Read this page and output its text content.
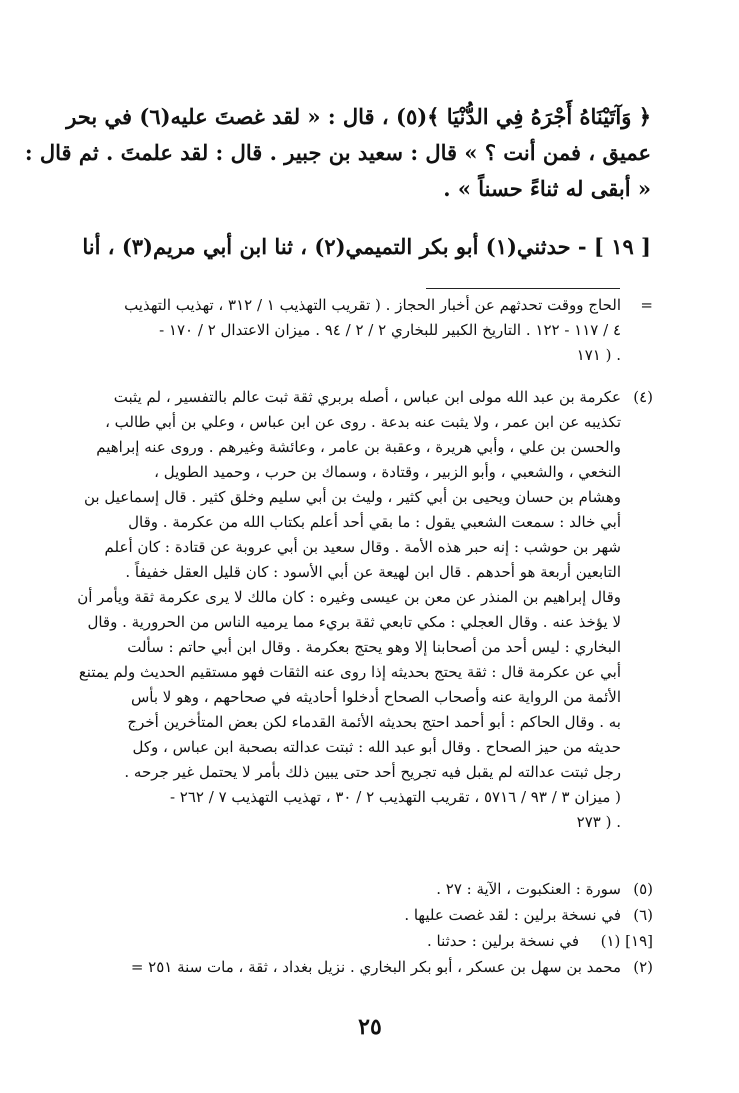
﴿ وَآتَيْنَاهُ أَجْرَهُ فِي الدُّنْيَا ﴾(٥) ، قال : « لقد غصتَ عليه(٦) في بحر
عميق ، فمن أنت ؟ » قال : سعيد بن جبير . قال : لقد علمتَ . ثم قال :
« أبقى له ثناءً حسناً » .
[ ١٩ ] - حدثني(١) أبو بكر التميمي(٢) ، ثنا ابن أبي مريم(٣) ، أنا
=
الحاج ووقت تحدثهم عن أخبار الحجاز . ( تقريب التهذيب ١ / ٣١٢ ، تهذيب التهذيب
٤ / ١١٧ - ١٢٢ . التاريخ الكبير للبخاري ٢ / ٢ / ٩٤ . ميزان الاعتدال ٢ / ١٧٠ -
١٧١ ) .
(٤)
عكرمة بن عبد الله مولى ابن عباس ، أصله بربري ثقة ثبت عالم بالتفسير ، لم يثبت
تكذيبه عن ابن عمر ، ولا يثبت عنه بدعة . روى عن ابن عباس ، وعلي بن أبي طالب ،
والحسن بن علي ، وأبي هريرة ، وعقبة بن عامر ، وعائشة وغيرهم . وروى عنه إبراهيم
النخعي ، والشعبي ، وأبو الزبير ، وقتادة ، وسماك بن حرب ، وحميد الطويل ،
وهشام بن حسان ويحيى بن أبي كثير ، وليث بن أبي سليم وخلق كثير . قال إسماعيل بن
أبي خالد : سمعت الشعبي يقول : ما بقي أحد أعلم بكتاب الله من عكرمة . وقال
شهر بن حوشب : إنه حبر هذه الأمة . وقال سعيد بن أبي عروبة عن قتادة : كان أعلم
التابعين أربعة هو أحدهم . قال ابن لهيعة عن أبي الأسود : كان قليل العقل خفيفاً .
وقال إبراهيم بن المنذر عن معن بن عيسى وغيره : كان مالك لا يرى عكرمة ثقة ويأمر أن
لا يؤخذ عنه . وقال العجلي : مكي تابعي ثقة بريء مما يرميه الناس من الحرورية . وقال
البخاري : ليس أحد من أصحابنا إلا وهو يحتج بعكرمة . وقال ابن أبي حاتم : سألت
أبي عن عكرمة قال : ثقة يحتج بحديثه إذا روى عنه الثقات فهو مستقيم الحديث ولم يمتنع
الأئمة من الرواية عنه وأصحاب الصحاح أدخلوا أحاديثه في صحاحهم ، وهو لا بأس
به . وقال الحاكم : أبو أحمد احتج بحديثه الأئمة القدماء لكن بعض المتأخرين أخرج
حديثه من حيز الصحاح . وقال أبو عبد الله : ثبتت عدالته بصحبة ابن عباس ، وكل
رجل ثبتت عدالته لم يقبل فيه تجريح أحد حتى يبين ذلك بأمر لا يحتمل غير جرحه .
( ميزان ٣ / ٩٣ / ٥٧١٦ ، تقريب التهذيب ٢ / ٣٠ ، تهذيب التهذيب ٧ / ٢٦٢ -
٢٧٣ ) .
(٥)
سورة : العنكبوت ، الآية : ٢٧ .
(٦)
في نسخة برلين : لقد غصت عليها .
[١٩] (١)
في نسخة برلين : حدثنا .
(٢)
محمد بن سهل بن عسكر ، أبو بكر البخاري . نزيل بغداد ، ثقة ، مات سنة ٢٥١ =
٢٥
